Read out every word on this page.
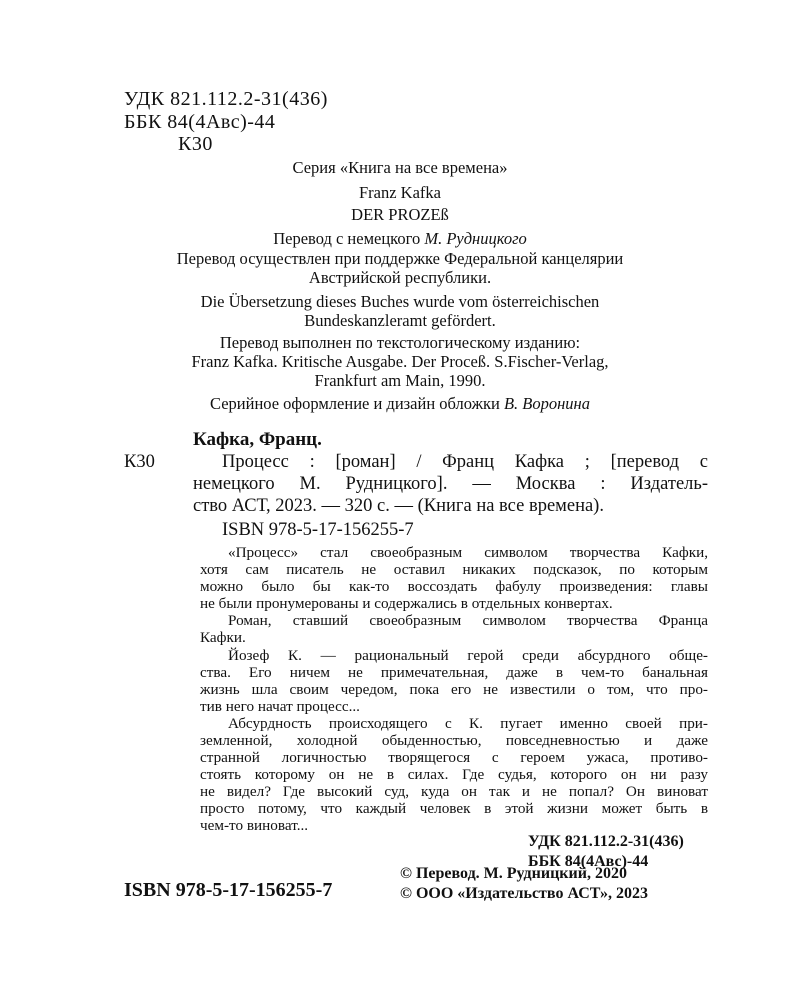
УДК 821.112.2-31(436)
ББК 84(4Авс)-44
К30
Серия «Книга на все времена»
Franz Kafka
DER PROZEß
Перевод с немецкого М. Рудницкого
Перевод осуществлен при поддержке Федеральной канцелярии
Австрийской республики.
Die Übersetzung dieses Buches wurde vom österreichischen
Bundeskanzleramt gefördert.
Перевод выполнен по текстологическому изданию:
Franz Kafka. Kritische Ausgabe. Der Proceß. S.Fischer-Verlag,
Frankfurt am Main, 1990.
Серийное оформление и дизайн обложки В. Воронина
Кафка, Франц.
К30	Процесс : [роман] / Франц Кафка ; [перевод с
немецкого М. Рудницкого]. — Москва : Издатель-
ство АСТ, 2023. — 320 с. — (Книга на все времена).
ISBN 978-5-17-156255-7
«Процесс» стал своеобразным символом творчества Кафки,
хотя сам писатель не оставил никаких подсказок, по которым
можно было бы как-то воссоздать фабулу произведения: главы
не были пронумерованы и содержались в отдельных конвертах.
Роман, ставший своеобразным символом творчества Франца
Кафки.
Йозеф К. — рациональный герой среди абсурдного обще-
ства. Его ничем не примечательная, даже в чем-то банальная
жизнь шла своим чередом, пока его не известили о том, что про-
тив него начат процесс...
Абсурдность происходящего с К. пугает именно своей при-
земленной, холодной обыденностью, повседневностью и даже
странной логичностью творящегося с героем ужаса, противо-
стоять которому он не в силах. Где судья, которого он ни разу
не видел? Где высокий суд, куда он так и не попал? Он виноват
просто потому, что каждый человек в этой жизни может быть в
чем-то виноват...
УДК 821.112.2-31(436)
ББК 84(4Авс)-44
ISBN 978-5-17-156255-7
© Перевод. М. Рудницкий, 2020
© ООО «Издательство АСТ», 2023
